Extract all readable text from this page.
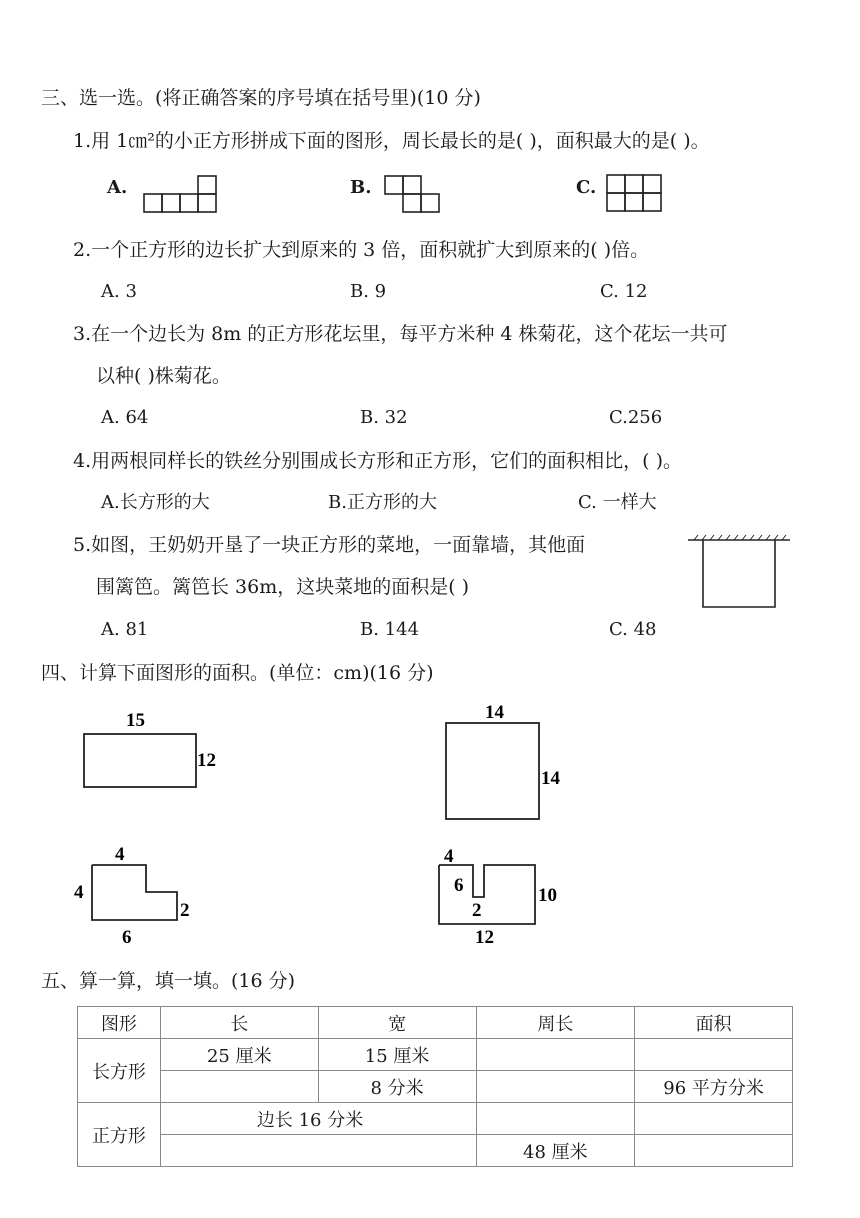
三、选一选。(将正确答案的序号填在括号里)(10 分)
1.用 1㎝²的小正方形拼成下面的图形，周长最长的是( )，面积最大的是( )。
A.	B.	C.
2.一个正方形的边长扩大到原来的 3 倍，面积就扩大到原来的( )倍。
A. 3	B. 9	C. 12
3.在一个边长为 8m 的正方形花坛里，每平方米种 4 株菊花，这个花坛一共可
以种( )株菊花。
A. 64	B. 32	C.256
4.用两根同样长的铁丝分别围成长方形和正方形，它们的面积相比，( )。
A.长方形的大	B.正方形的大	C. 一样大
5.如图，王奶奶开垦了一块正方形的菜地，一面靠墙，其他面
围篱笆。篱笆长 36m，这块菜地的面积是( )
A. 81	B. 144	C. 48
四、计算下面图形的面积。(单位：cm)(16 分)
15
12
14
14
4
4
2
6
4
6
2
10
12
五、算一算，填一填。(16 分)
图形	长	宽	周长	面积
长方形	25 厘米	15 厘米		
		8 分米		96 平方分米
正方形	边长 16 分米			
			48 厘米	
